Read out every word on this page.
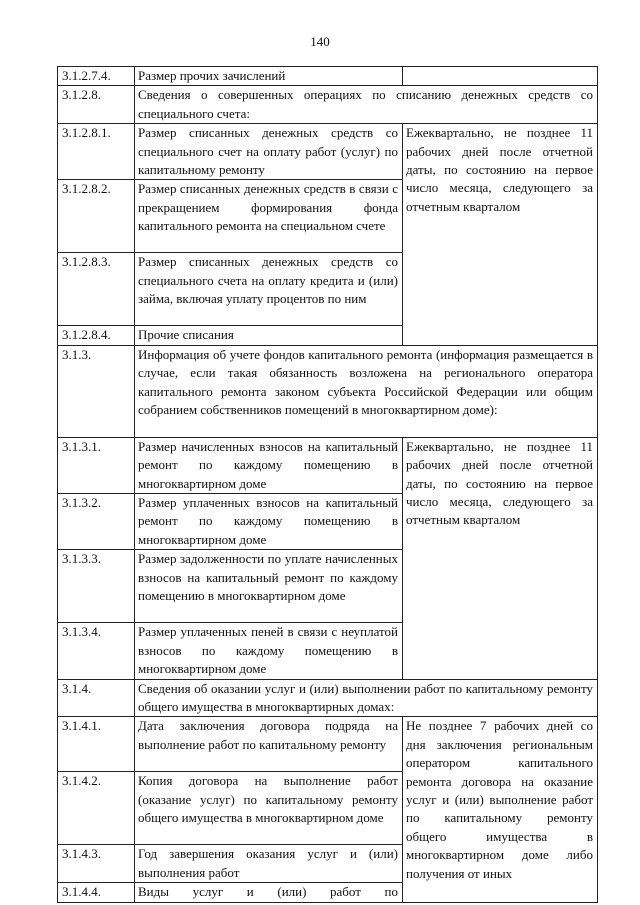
140
3.1.2.7.4.	Размер прочих зачислений	
3.1.2.8.	Сведения о совершенных операциях по списанию денежных средств со специального счета:	
3.1.2.8.1.	Размер списанных денежных средств со специального счет на оплату работ (услуг) по капитальному ремонту	Ежеквартально, не позднее 11 рабочих дней после отчетной даты, по состоянию на первое число месяца, следующего за отчетным кварталом
3.1.2.8.2.	Размер списанных денежных средств в связи с прекращением формирования фонда капитального ремонта на специальном счете	
3.1.2.8.3.	Размер списанных денежных средств со специального счета на оплату кредита и (или) займа, включая уплату процентов по ним	
3.1.2.8.4.	Прочие списания	
3.1.3.	Информация об учете фондов капитального ремонта (информация размещается в случае, если такая обязанность возложена на регионального оператора капитального ремонта законом субъекта Российской Федерации или общим собранием собственников помещений в многоквартирном доме):	
3.1.3.1.	Размер начисленных взносов на капитальный ремонт по каждому помещению в многоквартирном доме	Ежеквартально, не позднее 11 рабочих дней после отчетной даты, по состоянию на первое число месяца, следующего за отчетным кварталом
3.1.3.2.	Размер уплаченных взносов на капитальный ремонт по каждому помещению в многоквартирном доме	
3.1.3.3.	Размер задолженности по уплате начисленных взносов на капитальный ремонт по каждому помещению в многоквартирном доме	
3.1.3.4.	Размер уплаченных пеней в связи с неуплатой взносов по каждому помещению в многоквартирном доме	
3.1.4.	Сведения об оказании услуг и (или) выполнении работ по капитальному ремонту общего имущества в многоквартирных домах:	
3.1.4.1.	Дата заключения договора подряда на выполнение работ по капитальному ремонту	Не позднее 7 рабочих дней со дня заключения региональным оператором капитального ремонта договора на оказание услуг и (или) выполнение работ по капитальному ремонту общего имущества в многоквартирном доме либо получения от иных
3.1.4.2.	Копия договора на выполнение работ (оказание услуг) по капитальному ремонту общего имущества в многоквартирном доме	
3.1.4.3.	Год завершения оказания услуг и (или) выполнения работ	
3.1.4.4.	Виды услуг и (или) работ по	
